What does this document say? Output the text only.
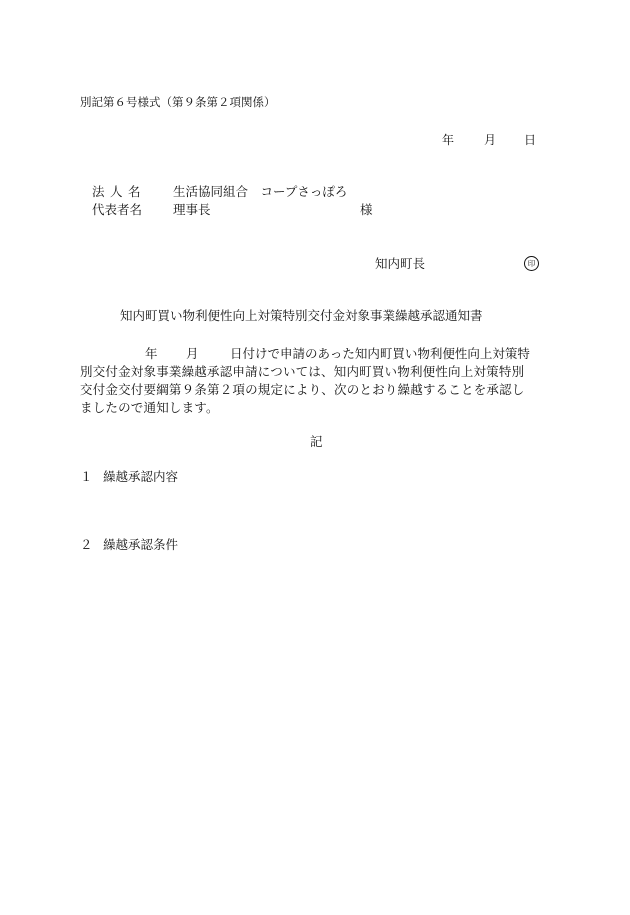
別記第６号様式（第９条第２項関係）
年 月 日
法 人 名	生活協同組合　コープさっぽろ
代表者名 理事長	様
知内町長	印
知内町買い物利便性向上対策特別交付金対象事業繰越承認通知書
年 月	日付けで申請のあった知内町買い物利便性向上対策特
別交付金対象事業繰越承認申請については、知内町買い物利便性向上対策特別
交付金交付要綱第９条第２項の規定により、次のとおり繰越することを承認し
ましたので通知します。
記
１ 繰越承認内容
２ 繰越承認条件
